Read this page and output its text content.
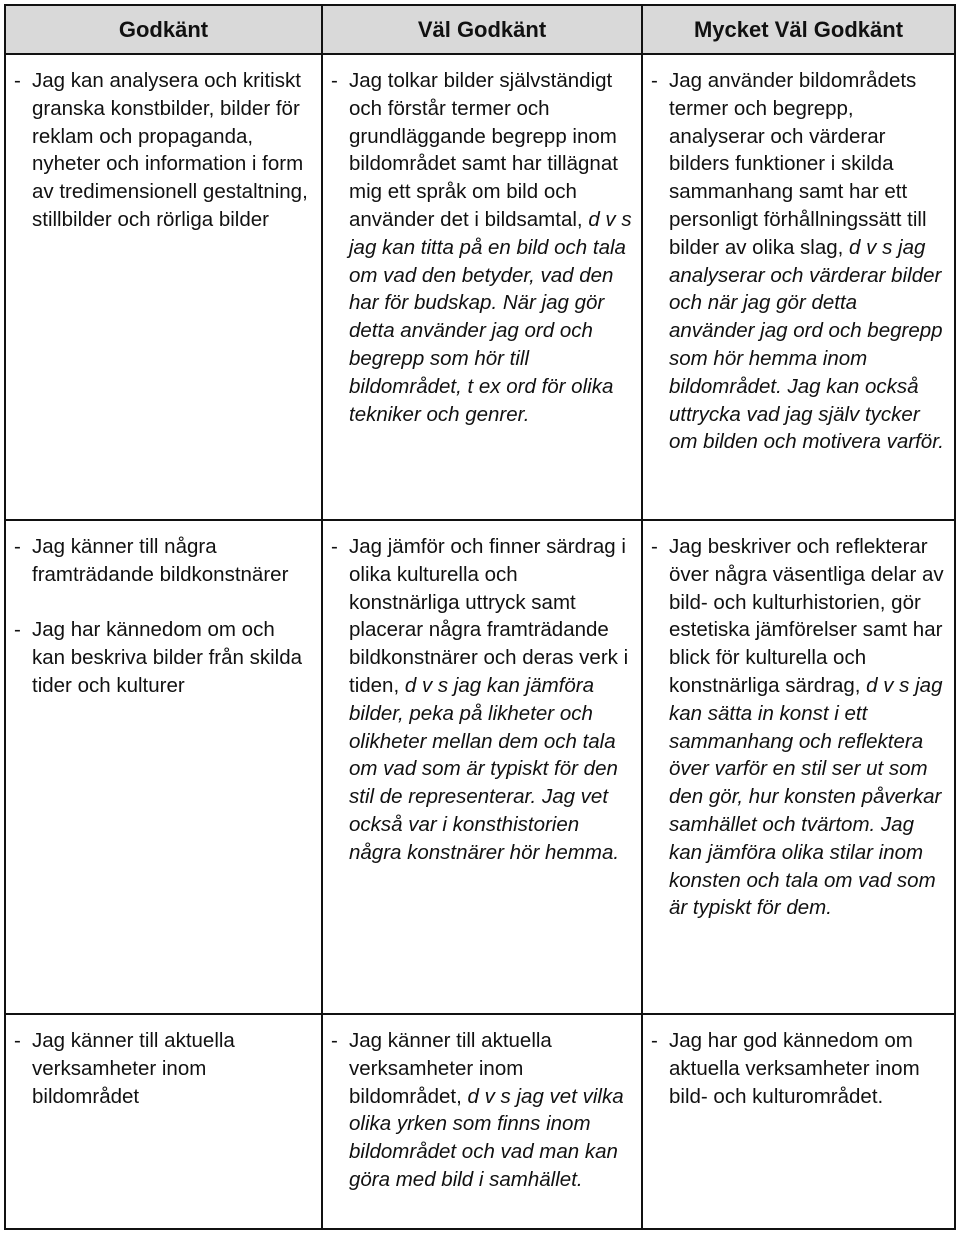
Godkänt	Väl Godkänt	Mycket Väl Godkänt
- Jag kan analysera och kritiskt granska konstbilder, bilder för reklam och propaganda, nyheter och information i form av tredimensionell gestaltning, stillbilder och rörliga bilder
- Jag tolkar bilder självständigt och förstår termer och grundläggande begrepp inom bildområdet samt har tillägnat mig ett språk om bild och använder det i bildsamtal, d v s jag kan titta på en bild och tala om vad den betyder, vad den har för budskap. När jag gör detta använder jag ord och begrepp som hör till bildområdet, t ex ord för olika tekniker och genrer.
- Jag använder bildområdets termer och begrepp, analyserar och värderar bilders funktioner i skilda sammanhang samt har ett personligt förhållningssätt till bilder av olika slag, d v s jag analyserar och värderar bilder och när jag gör detta använder jag ord och begrepp som hör hemma inom bildområdet. Jag kan också uttrycka vad jag själv tycker om bilden och motivera varför.
- Jag känner till några framträdande bildkonstnärer
- Jag har kännedom om och kan beskriva bilder från skilda tider och kulturer
- Jag jämför och finner särdrag i olika kulturella och konstnärliga uttryck samt placerar några framträdande bildkonstnärer och deras verk i tiden, d v s jag kan jämföra bilder, peka på likheter och olikheter mellan dem och tala om vad som är typiskt för den stil de representerar. Jag vet också var i konsthistorien några konstnärer hör hemma.
- Jag beskriver och reflekterar över några väsentliga delar av bild- och kulturhistorien, gör estetiska jämförelser samt har blick för kulturella och konstnärliga särdrag, d v s jag kan sätta in konst i ett sammanhang och reflektera över varför en stil ser ut som den gör, hur konsten påverkar samhället och tvärtom. Jag kan jämföra olika stilar inom konsten och tala om vad som är typiskt för dem.
- Jag känner till aktuella verksamheter inom bildområdet
- Jag känner till aktuella verksamheter inom bildområdet, d v s jag vet vilka olika yrken som finns inom bildområdet och vad man kan göra med bild i samhället.
- Jag har god kännedom om aktuella verksamheter inom bild- och kulturområdet.
